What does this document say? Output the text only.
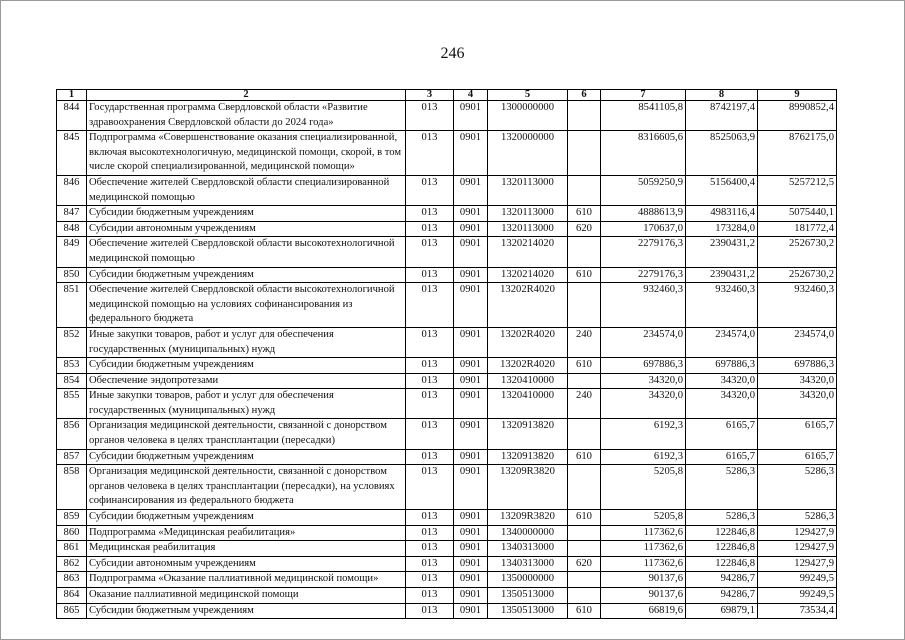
246
1	2	3	4	5	6	7	8	9
844	Государственная программа Свердловской области «Развитие здравоохранения Свердловской области до 2024 года»	013	0901	1300000000		8541105,8	8742197,4	8990852,4
845	Подпрограмма «Совершенствование оказания специализированной, включая высокотехнологичную, медицинской помощи, скорой, в том числе скорой специализированной, медицинской помощи»	013	0901	1320000000		8316605,6	8525063,9	8762175,0
846	Обеспечение жителей Свердловской области специализированной медицинской помощью	013	0901	1320113000		5059250,9	5156400,4	5257212,5
847	Субсидии бюджетным учреждениям	013	0901	1320113000	610	4888613,9	4983116,4	5075440,1
848	Субсидии автономным учреждениям	013	0901	1320113000	620	170637,0	173284,0	181772,4
849	Обеспечение жителей Свердловской области высокотехнологичной медицинской помощью	013	0901	1320214020		2279176,3	2390431,2	2526730,2
850	Субсидии бюджетным учреждениям	013	0901	1320214020	610	2279176,3	2390431,2	2526730,2
851	Обеспечение жителей Свердловской области высокотехнологичной медицинской помощью на условиях софинансирования из федерального бюджета	013	0901	13202R4020		932460,3	932460,3	932460,3
852	Иные закупки товаров, работ и услуг для обеспечения государственных (муниципальных) нужд	013	0901	13202R4020	240	234574,0	234574,0	234574,0
853	Субсидии бюджетным учреждениям	013	0901	13202R4020	610	697886,3	697886,3	697886,3
854	Обеспечение эндопротезами	013	0901	1320410000		34320,0	34320,0	34320,0
855	Иные закупки товаров, работ и услуг для обеспечения государственных (муниципальных) нужд	013	0901	1320410000	240	34320,0	34320,0	34320,0
856	Организация медицинской деятельности, связанной с донорством органов человека в целях трансплантации (пересадки)	013	0901	1320913820		6192,3	6165,7	6165,7
857	Субсидии бюджетным учреждениям	013	0901	1320913820	610	6192,3	6165,7	6165,7
858	Организация медицинской деятельности, связанной с донорством органов человека в целях трансплантации (пересадки), на условиях софинансирования из федерального бюджета	013	0901	13209R3820		5205,8	5286,3	5286,3
859	Субсидии бюджетным учреждениям	013	0901	13209R3820	610	5205,8	5286,3	5286,3
860	Подпрограмма «Медицинская реабилитация»	013	0901	1340000000		117362,6	122846,8	129427,9
861	Медицинская реабилитация	013	0901	1340313000		117362,6	122846,8	129427,9
862	Субсидии автономным учреждениям	013	0901	1340313000	620	117362,6	122846,8	129427,9
863	Подпрограмма «Оказание паллиативной медицинской помощи»	013	0901	1350000000		90137,6	94286,7	99249,5
864	Оказание паллиативной медицинской помощи	013	0901	1350513000		90137,6	94286,7	99249,5
865	Субсидии бюджетным учреждениям	013	0901	1350513000	610	66819,6	69879,1	73534,4
